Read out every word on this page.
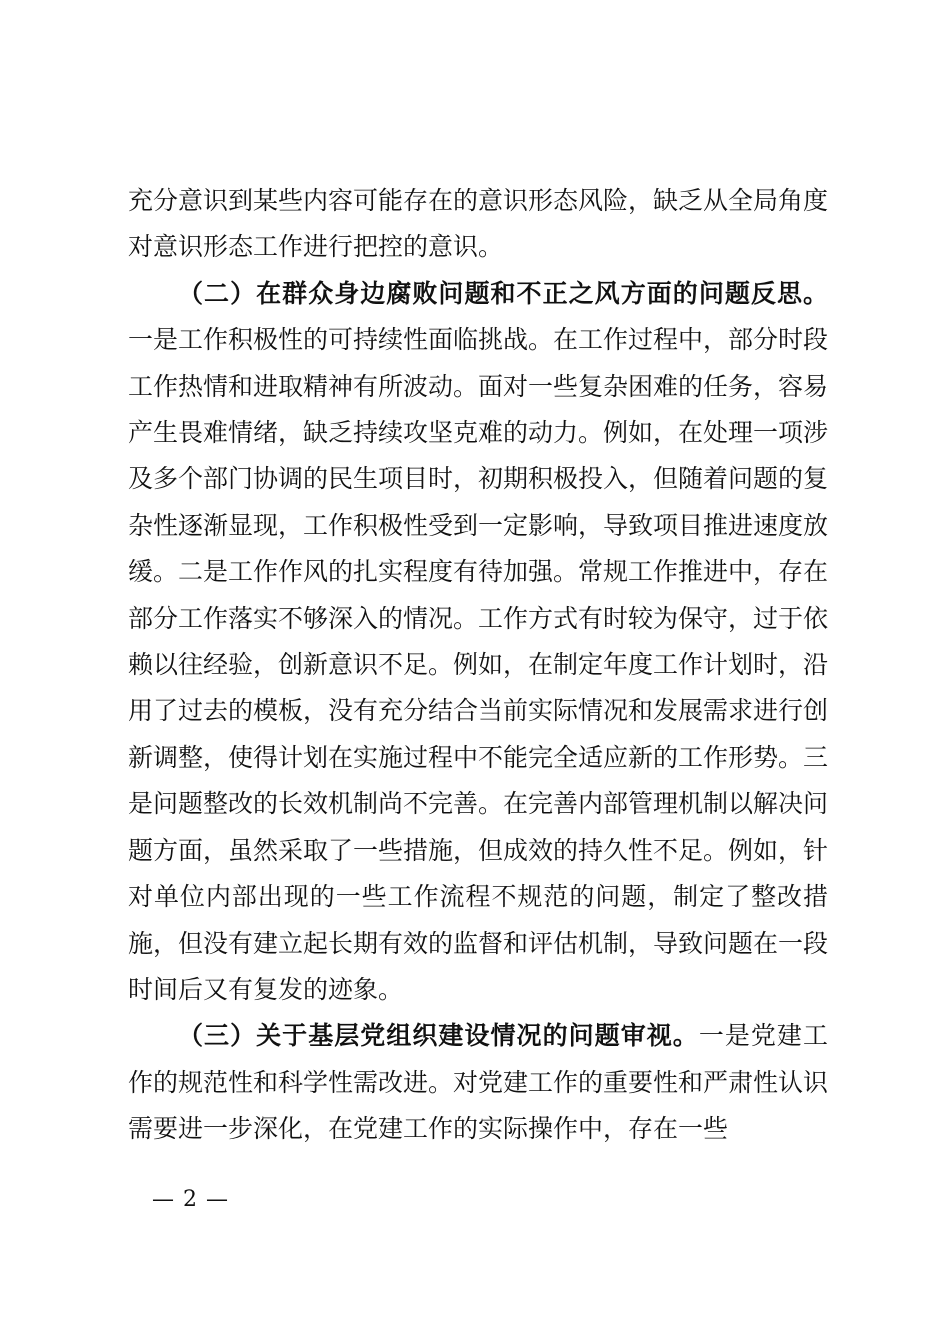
充分意识到某些内容可能存在的意识形态风险，缺乏从全局角度对意识形态工作进行把控的意识。

（二）在群众身边腐败问题和不正之风方面的问题反思。一是工作积极性的可持续性面临挑战。在工作过程中，部分时段工作热情和进取精神有所波动。面对一些复杂困难的任务，容易产生畏难情绪，缺乏持续攻坚克难的动力。例如，在处理一项涉及多个部门协调的民生项目时，初期积极投入，但随着问题的复杂性逐渐显现，工作积极性受到一定影响，导致项目推进速度放缓。二是工作作风的扎实程度有待加强。常规工作推进中，存在部分工作落实不够深入的情况。工作方式有时较为保守，过于依赖以往经验，创新意识不足。例如，在制定年度工作计划时，沿用了过去的模板，没有充分结合当前实际情况和发展需求进行创新调整，使得计划在实施过程中不能完全适应新的工作形势。三是问题整改的长效机制尚不完善。在完善内部管理机制以解决问题方面，虽然采取了一些措施，但成效的持久性不足。例如，针对单位内部出现的一些工作流程不规范的问题，制定了整改措施，但没有建立起长期有效的监督和评估机制，导致问题在一段时间后又有复发的迹象。

（三）关于基层党组织建设情况的问题审视。一是党建工作的规范性和科学性需改进。对党建工作的重要性和严肃性认识需要进一步深化，在党建工作的实际操作中，存在一些

— 2 —
